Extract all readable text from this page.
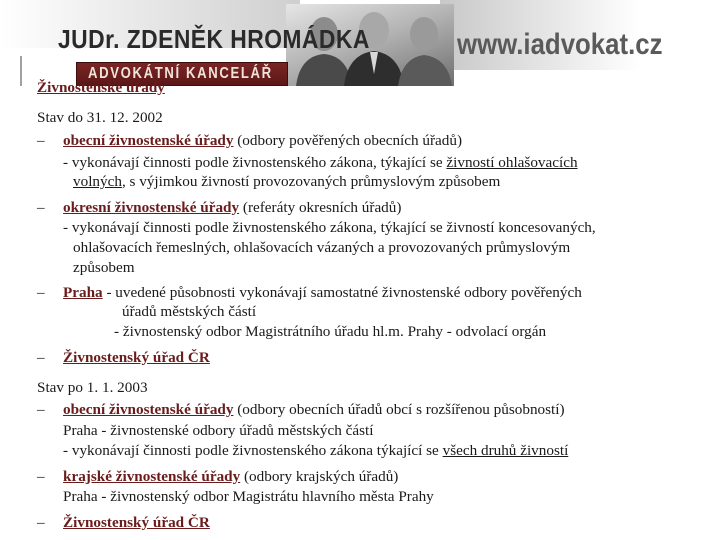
JUDr. ZDENĚK HROMÁDKA	www.iadvokat.cz
ADVOKÁTNÍ KANCELÁŘ
Živnostenské úřady
Stav do 31. 12. 2002
– obecní živnostenské úřady (odbory pověřených obecních úřadů)
- vykonávají činnosti podle živnostenského zákona, týkající se živností ohlašovacích
volných, s výjimkou živností provozovaných průmyslovým způsobem
– okresní živnostenské úřady (referáty okresních úřadů)
- vykonávají činnosti podle živnostenského zákona, týkající se živností koncesovaných,
ohlašovacích řemeslných, ohlašovacích vázaných a provozovaných průmyslovým
způsobem
– Praha - uvedené působnosti vykonávají samostatné živnostenské odbory pověřených
úřadů městských částí
- živnostenský odbor Magistrátního úřadu hl.m. Prahy - odvolací orgán
– Živnostenský úřad ČR
Stav po 1. 1. 2003
– obecní živnostenské úřady (odbory obecních úřadů obcí s rozšířenou působností)
Praha - živnostenské odbory úřadů městských částí
- vykonávají činnosti podle živnostenského zákona týkající se všech druhů živností
– krajské živnostenské úřady (odbory krajských úřadů)
Praha - živnostenský odbor Magistrátu hlavního města Prahy
– Živnostenský úřad ČR
